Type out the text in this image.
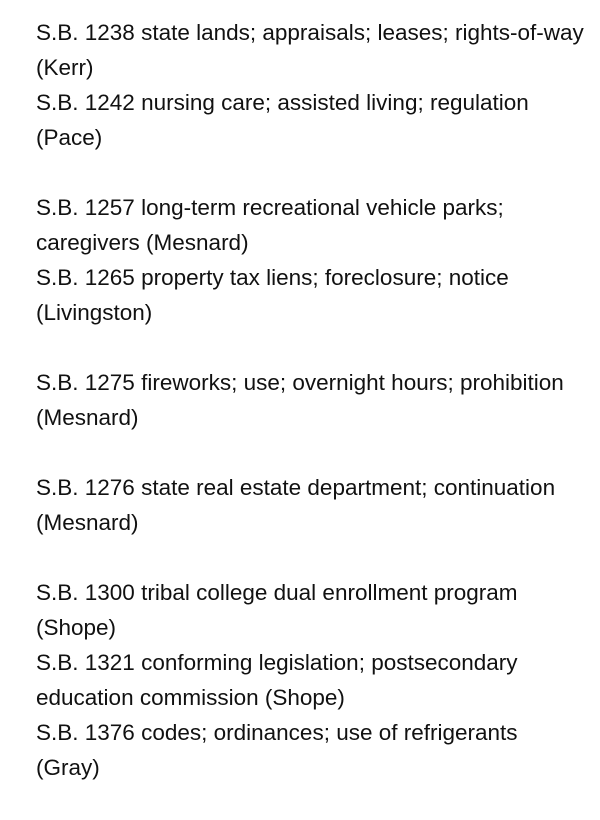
S.B. 1238 state lands; appraisals; leases; rights-of-way (Kerr)

S.B. 1242 nursing care; assisted living; regulation (Pace)

S.B. 1257 long-term recreational vehicle parks; caregivers (Mesnard)

S.B. 1265 property tax liens; foreclosure; notice (Livingston)

S.B. 1275 fireworks; use; overnight hours; prohibition (Mesnard)

S.B. 1276 state real estate department; continuation (Mesnard)

S.B. 1300 tribal college dual enrollment program (Shope)

S.B. 1321 conforming legislation; postsecondary education commission (Shope)

S.B. 1376 codes; ordinances; use of refrigerants (Gray)
